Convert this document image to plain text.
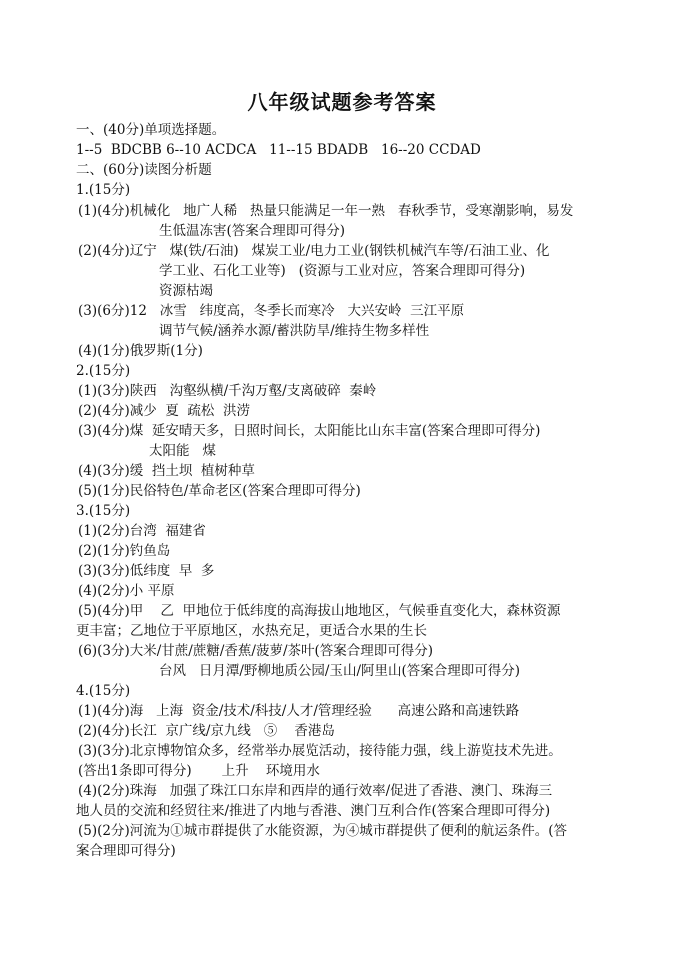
八年级试题参考答案
一、(40分)单项选择题。
1--5  BDCBB 6--10 ACDCA   11--15 BDADB   16--20 CCDAD
二、(60分)读图分析题
1.(15分)
(1)(4分)机械化   地广人稀   热量只能满足一年一熟   春秋季节，受寒潮影响，易发
生低温冻害(答案合理即可得分)
(2)(4分)辽宁   煤(铁/石油)   煤炭工业/电力工业(钢铁机械汽车等/石油工业、化
学工业、石化工业等)   (资源与工业对应，答案合理即可得分)
资源枯竭
(3)(6分)12   冰雪   纬度高，冬季长而寒冷   大兴安岭  三江平原
调节气候/涵养水源/蓄洪防旱/维持生物多样性
(4)(1分)俄罗斯(1分)
2.(15分)
(1)(3分)陕西   沟壑纵横/千沟万壑/支离破碎  秦岭
(2)(4分)减少  夏  疏松  洪涝
(3)(4分)煤  延安晴天多，日照时间长，太阳能比山东丰富(答案合理即可得分)
太阳能   煤
(4)(3分)缓  挡土坝  植树种草
(5)(1分)民俗特色/革命老区(答案合理即可得分)
3.(15分)
(1)(2分)台湾  福建省
(2)(1分)钓鱼岛
(3)(3分)低纬度  早  多
(4)(2分)小 平原
(5)(4分)甲    乙  甲地位于低纬度的高海拔山地地区，气候垂直变化大，森林资源
更丰富；乙地位于平原地区，水热充足，更适合水果的生长
(6)(3分)大米/甘蔗/蔗糖/香蕉/菠萝/茶叶(答案合理即可得分)
台风   日月潭/野柳地质公园/玉山/阿里山(答案合理即可得分)
4.(15分)
(1)(4分)海   上海  资金/技术/科技/人才/管理经验      高速公路和高速铁路
(2)(4分)长江  京广线/京九线   ⑤    香港岛
(3)(3分)北京博物馆众多，经常举办展览活动，接待能力强，线上游览技术先进。
(答出1条即可得分)       上升    环境用水
(4)(2分)珠海   加强了珠江口东岸和西岸的通行效率/促进了香港、澳门、珠海三
地人员的交流和经贸往来/推进了内地与香港、澳门互利合作(答案合理即可得分)
(5)(2分)河流为①城市群提供了水能资源，为④城市群提供了便利的航运条件。(答
案合理即可得分)
